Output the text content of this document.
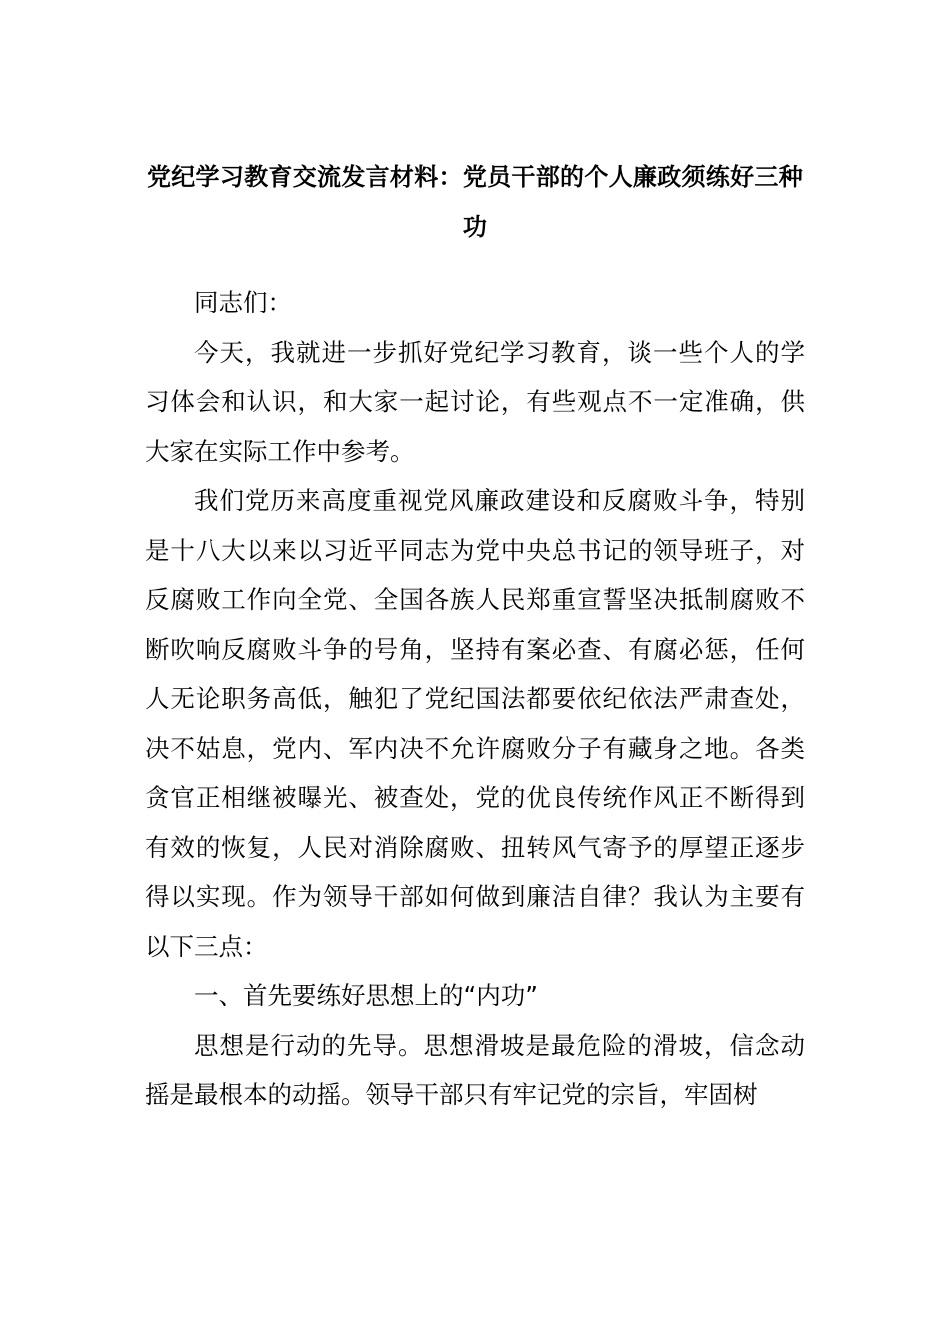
党纪学习教育交流发言材料：党员干部的个人廉政须练好三种功

同志们：

今天，我就进一步抓好党纪学习教育，谈一些个人的学习体会和认识，和大家一起讨论，有些观点不一定准确，供大家在实际工作中参考。

我们党历来高度重视党风廉政建设和反腐败斗争，特别是十八大以来以习近平同志为党中央总书记的领导班子，对反腐败工作向全党、全国各族人民郑重宣誓坚决抵制腐败不断吹响反腐败斗争的号角，坚持有案必查、有腐必惩，任何人无论职务高低，触犯了党纪国法都要依纪依法严肃查处，决不姑息，党内、军内决不允许腐败分子有藏身之地。各类贪官正相继被曝光、被查处，党的优良传统作风正不断得到有效的恢复，人民对消除腐败、扭转风气寄予的厚望正逐步得以实现。作为领导干部如何做到廉洁自律？我认为主要有以下三点：

一、首先要练好思想上的“内功”

思想是行动的先导。思想滑坡是最危险的滑坡，信念动摇是最根本的动摇。领导干部只有牢记党的宗旨，牢固树
